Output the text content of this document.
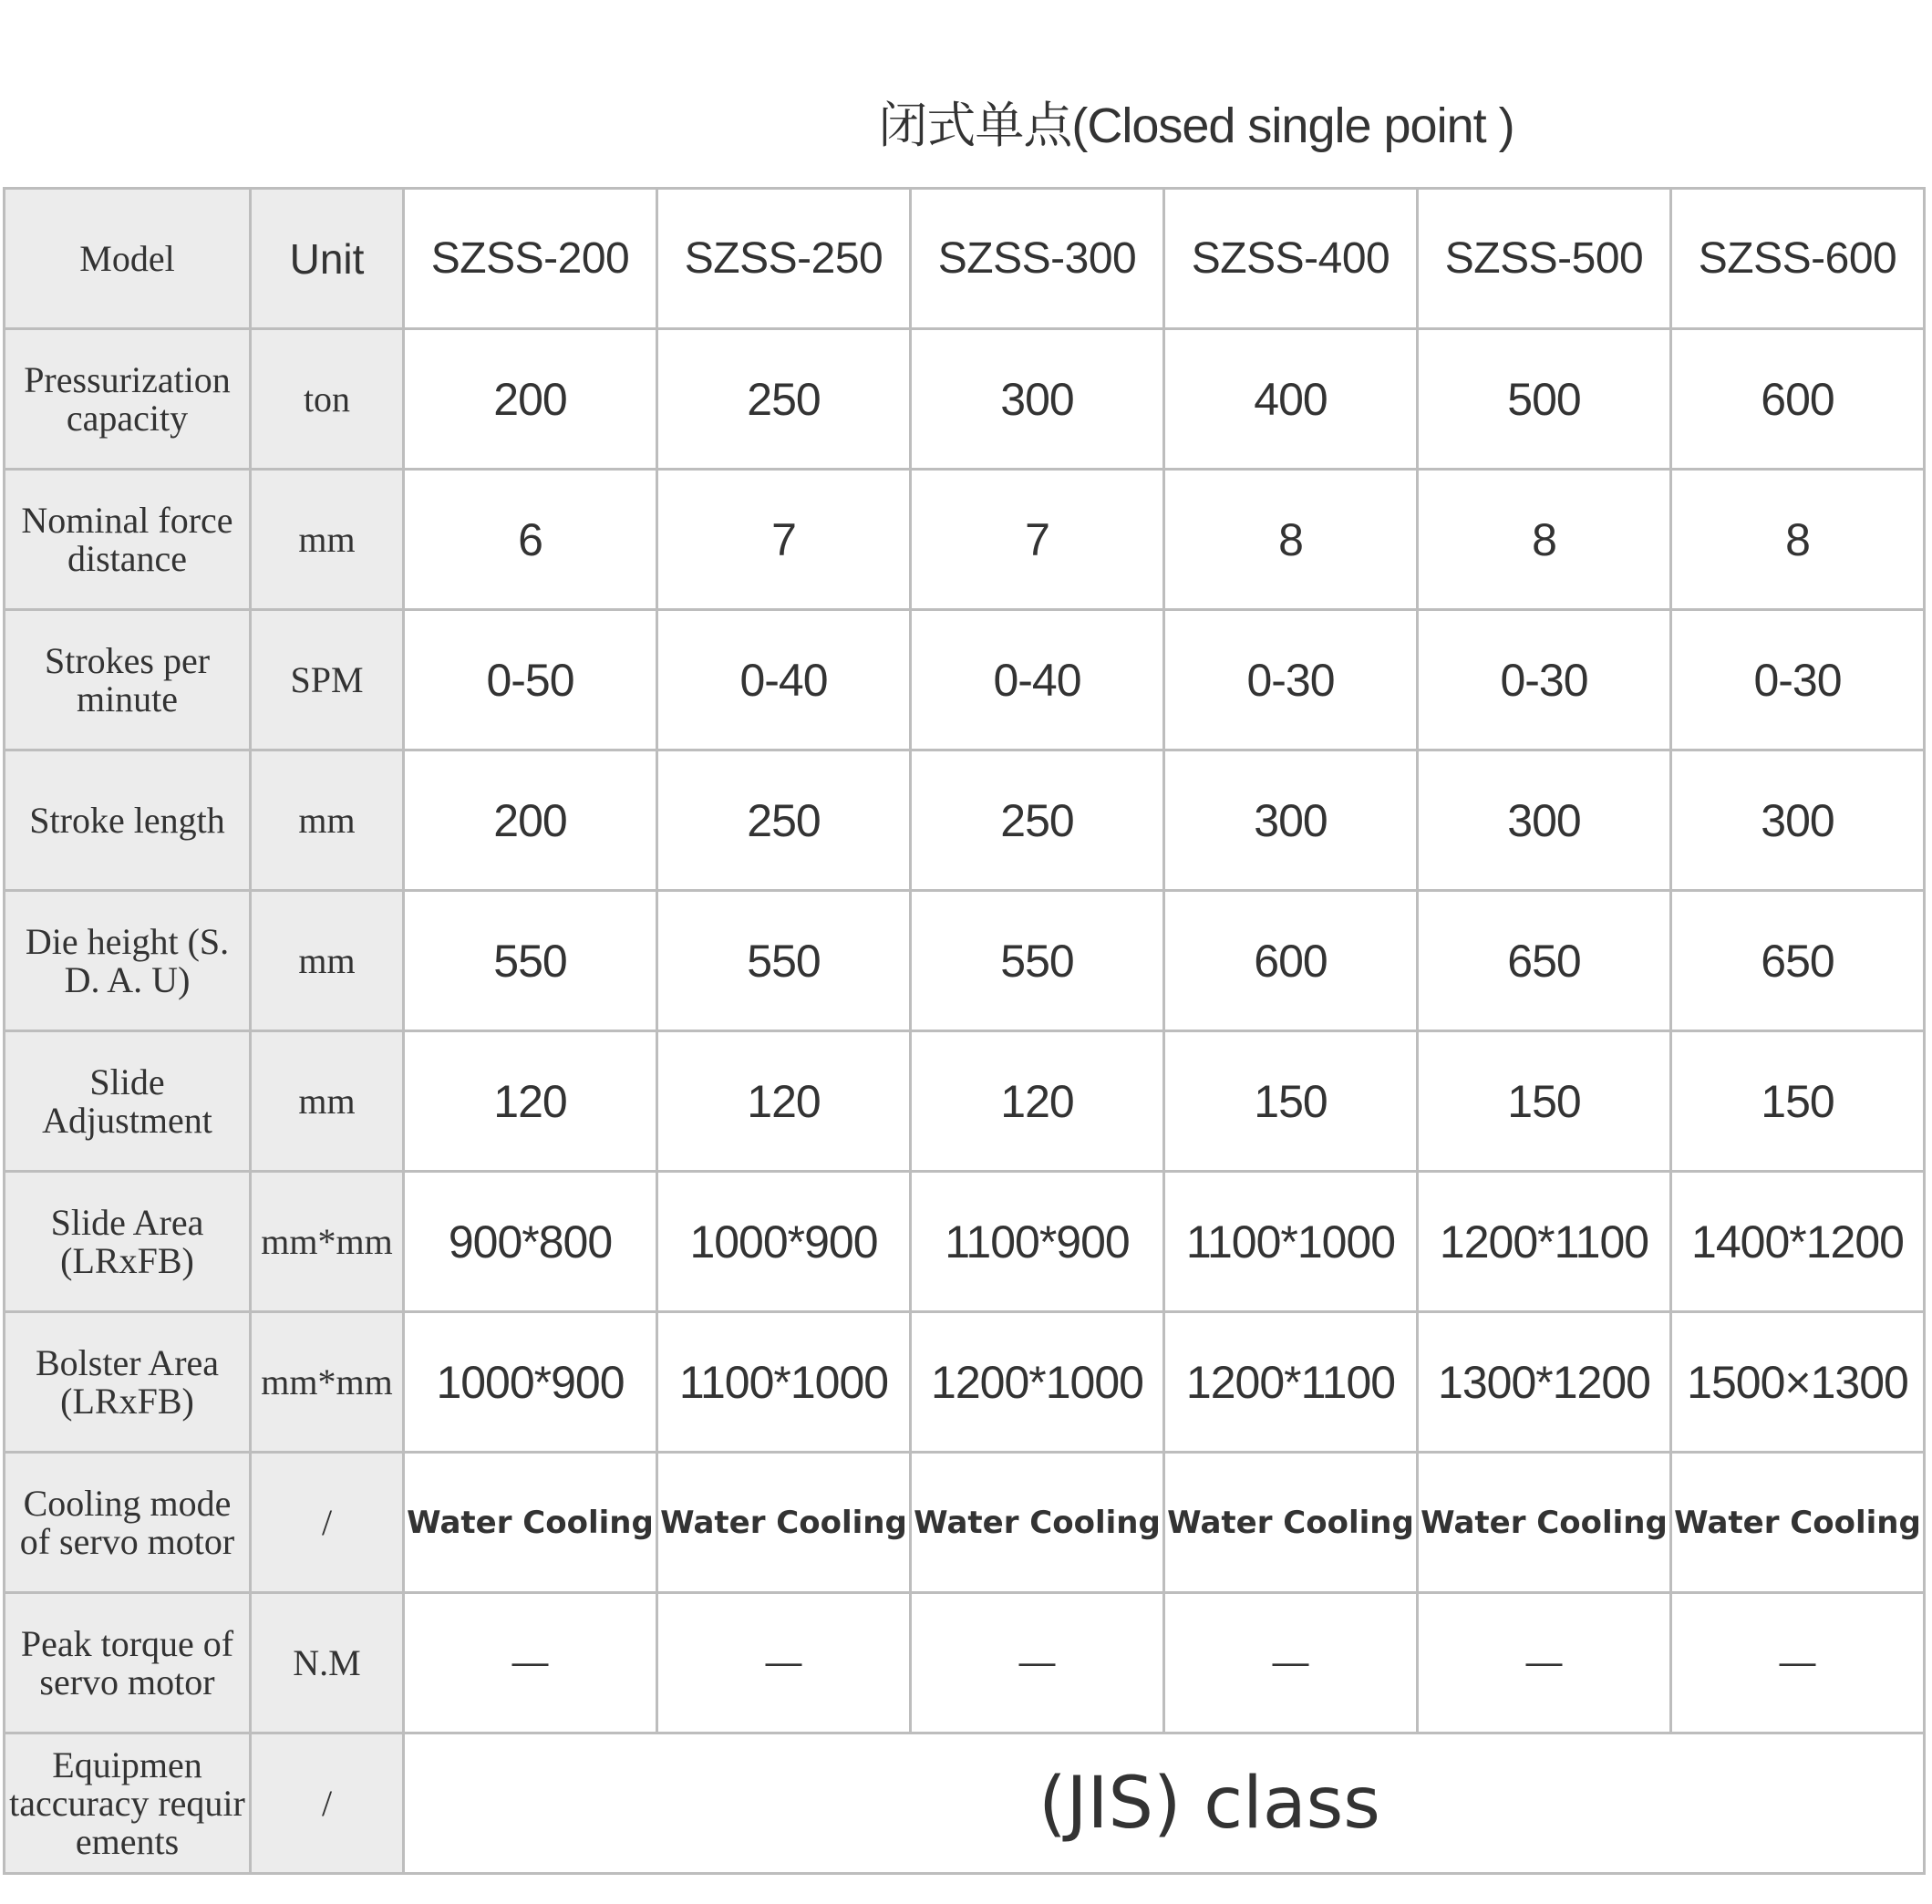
闭式单点(Closed single point )
Model	Unit	SZSS-200	SZSS-250	SZSS-300	SZSS-400	SZSS-500	SZSS-600
Pressurization capacity	ton	200	250	300	400	500	600
Nominal force distance	mm	6	7	7	8	8	8
Strokes per minute	SPM	0-50	0-40	0-40	0-30	0-30	0-30
Stroke length	mm	200	250	250	300	300	300
Die height (S. D. A. U)	mm	550	550	550	600	650	650
Slide Adjustment	mm	120	120	120	150	150	150
Slide Area (LRxFB)	mm*mm	900*800	1000*900	1100*900	1100*1000	1200*1100	1400*1200
Bolster Area (LRxFB)	mm*mm	1000*900	1100*1000	1200*1000	1200*1100	1300*1200	1500×1300
Cooling mode of servo motor	/	Water Cooling	Water Cooling	Water Cooling	Water Cooling	Water Cooling	Water Cooling
Peak torque of servo motor	N.M	—	—	—	—	—	—
Equipmen taccuracy requir ements	/	(JIS) class					
